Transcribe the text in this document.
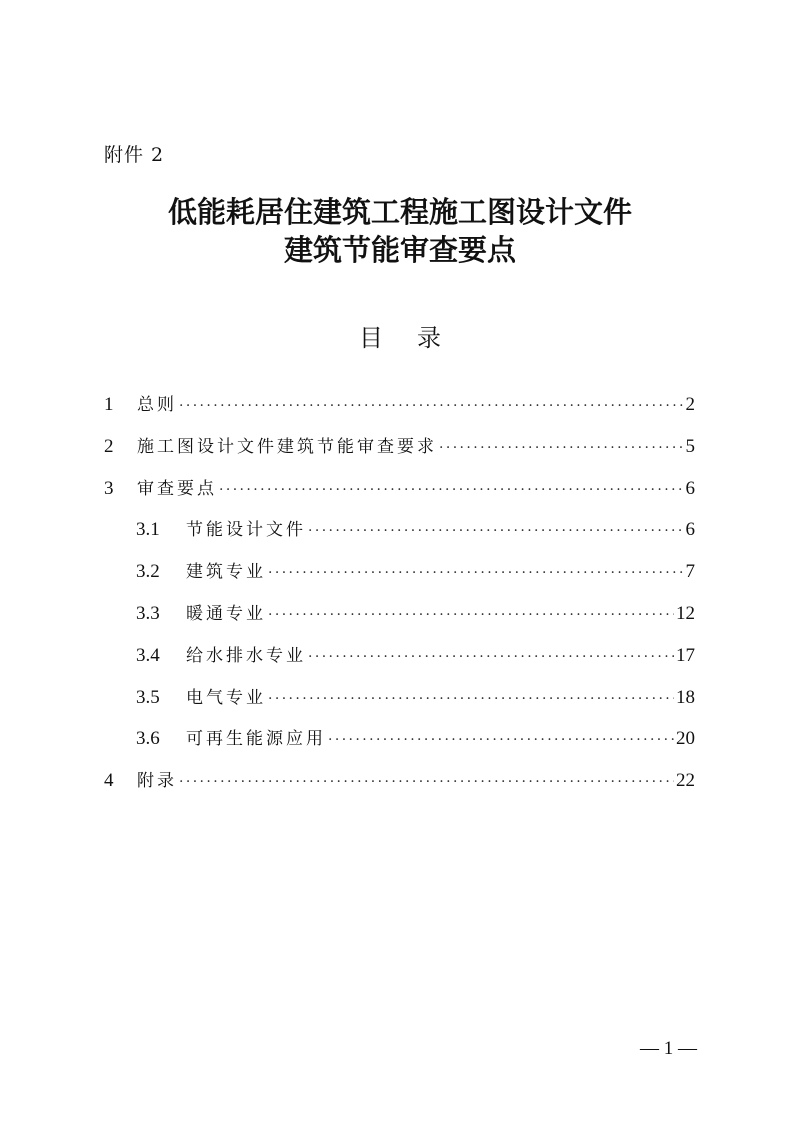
附件 2
低能耗居住建筑工程施工图设计文件
建筑节能审查要点
目 录
1	总则 ·····	2
2	施工图设计文件建筑节能审查要求 ·····	5
3	审查要点 ·····	6
3.1	节能设计文件 ·····	6
3.2	建筑专业 ·····	7
3.3	暖通专业 ·····	12
3.4	给水排水专业 ·····	17
3.5	电气专业 ·····	18
3.6	可再生能源应用 ·····	20
4	附录 ·····	22
— 1 —
